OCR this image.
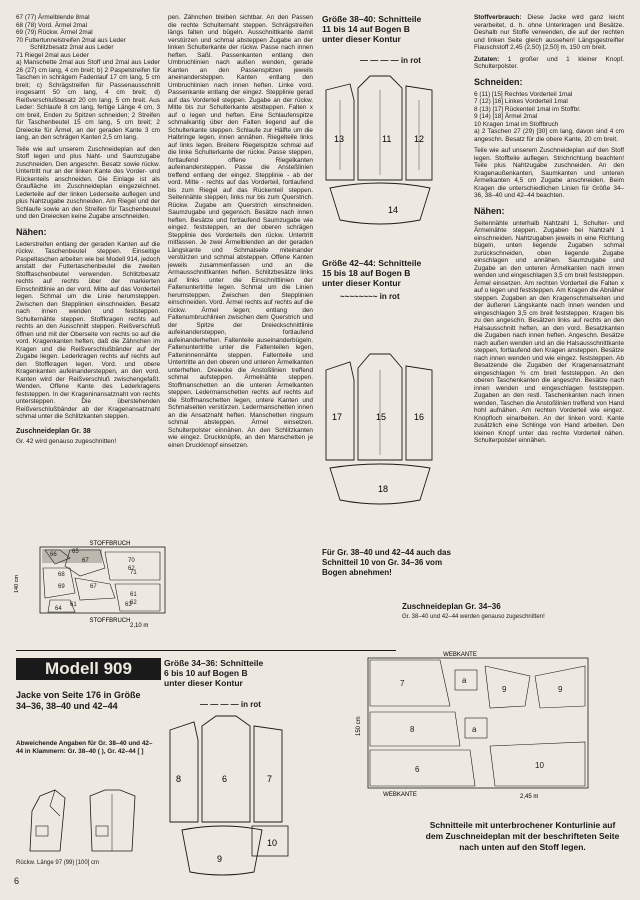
67 (77) Ärmelblende 8mal
68 (78) Vord. Ärmel 2mal
69 (79) Rückw. Ärmel 2mal
70 Futtertunnelstreifen 2mal aus Leder
Schlitzbesatz 2mal aus Leder
71 Riegel 2mal aus Leder

a) Manschette 2mal aus Stoff und 2mal aus Leder 26 (27) cm lang, 4 cm breit; b) 2 Paspelstreifen für Taschen in schrägem Fadenlauf 17 cm lang, 5 cm breit; c) Schrägstreifen für Passenausschnitt insgesamt 50 cm lang, 4 cm breit; d) Reißverschlußbesatz 20 cm lang, 5 cm breit. Aus Leder: Schlaufe 8 cm lang, fertige Länge 4 cm, 3 cm breit, Enden zu Spitzen schneiden; 2 Streifen für Taschenbeutel 15 cm lang, 5 cm breit; 2 Dreiecke für Ärmel, an der geraden Kante 3 cm lang, an den schrägen Kanten 2,5 cm lang.

Teile wie auf unserem Zuschneideplan auf den Stoff legen und plus Naht- und Saumzugabe zuschneiden. Den angeschn. Besatz sowie rückw. Untertritt nur an der linken Kante des Vorder- und Rückenteils anschneiden. Die Einlage ist als Graufläche im Zuschneideplan eingezeichnet. Lederteile auf der linken Lederseite auflegen und plus Nahtzugabe zuschneiden. Am Riegel und der Schlaufe sowie an den Streifen für Taschenbeutel und den Dreiecken keine Zugabe anschneiden.

Nähen:

Lederstreifen entlang der geraden Kanten auf die rückw. Taschenbeutel steppen. Einseitige Paspeltaschen arbeiten wie bei Modell 914, jedoch anstatt der Futtertaschenbeutel die zweiten Stofftaschenbeutel verwenden. Schlitzbesatz rechts auf rechts über der markierten Einschnittlinie an der vord. Mitte auf das Vorderteil legen. Schmal um die Linie herumsteppen. Zwischen den Stepplinien einschneiden. Besatz nach innen wenden und feststeppen. Schulternähte steppen. Stoffkragen rechts auf rechts an den Ausschnitt steppen. Reißverschluß öffnen und mit der Oberseite von rechts so auf die vord. Kragenkanten heften, daß die Zähnchen im Kragen und die Reißverschlußbänder auf der Zugabe liegen. Lederkragen rechts auf rechts auf den Stoffkragen legen. Vord. und obere Kragenkanten aufeinandersteppen, an den vord. Kanten wird der Reißverschluß zwischengefaßt. Wenden. Offene Kante des Lederkragens feststeppen. In der Krageninansatznaht von rechts untersteppen. Die überstehenden Reißverschlußbänder ab der Kragenansatznaht schmal unter die Schlitzkanten steppen.

Zuschneideplan Gr. 38
Gr. 42 wird genauso zugeschnitten!
STOFFBRUCH
66	65
68
70
71
67
67
62
61
69
62
61	63
64
STOFFBRUCH
2,10 m
140 cm

pen. Zähnchen bleiben sichtbar. An den Passen die rechte Schulternaht steppen. Schrägstreifen längs falten und bügeln. Ausschnittkante damit verstürzen und schmal absteppen Zugabe an der linken Schulterkante der rückw. Passe nach innen heften. Saßl. Passenkanten entlang den Umbruchlinien nach außen wenden, gerade Kanten an den Passenspitzen jeweils aneinandersteppen. Kanten entlang den Umbruchlinien nach innen heften. Linke vord. Passenkante entlang der eingez. Stepplinie gerad auf das Vorderteil steppen. Zugabe an der rückw. Mitte bis zur Schulterkante abstteppen. Falten x auf o legen und heften. Eine Schlaufenspitze schmalkantig über den Falten liegend auf die Schulterkante steppen. Schlaufe zur Hälfte um die Halbringe legen, innen annähen. Riegelteile links auf links legen. Breitere Riegelspitze schmal auf die linke Schulterkante der rückw. Passe steppen, fortlaufend offene Riegelkanten aufeinandersteppen. Passe die Ansteßlinien treffend entlang der eingez. Stepplinie - ab der vord. Mitte - rechts auf das Vorderteil, fortlaufend bis zum Riegel auf das Rückenteil steppen. Seitennähte steppen, links nur bis zum Querstrich. Rückw. Zugabe am Querstrich einschneiden. Saumzugabe und gegensch. Besätze nach innen heften. Besätze und fortlaufend Saumzugabe wie eingez. feststeppen, an der oberen schrägen Stepplinie des Vorderteils den rückw. Untertritt mitfassen. Je zwei Ärmelblenden an der geraden Längskante und Schmalseite miteinander verstürzen und schmal absteppen. Offene Kanten jeweils zusammenfassen und an die Armausschnittkanten heften. Schlitzbesätze links auf links unter die Einschnittlinien der Faltenuntertritte legen. Schmal um die Linien herumsteppen. Zwischen den Stepplinien einschneiden. Vord. Ärmel rechts auf rechts auf die rückw. Ärmel legen; entlang den Faltenumbruchlinien zwischen dem Querstrich und der Spitze der Dreieckschnittlinie aufeinandersteppen, fortlaufend aufeinanderheften. Faltenteile auseinanderbügeln. Faltenuntertritte unter die Faltenteilen legen, Falteninnennähte steppen. Faltenteile und Untertritte an den oberen und unteren Ärmelkanten unterheften. Dreiecke die Anstoßlinien treffend schmal aufsteppen. Ärmelnähte steppen. Stoffmanschetten an die unteren Ärmelkanten steppen. Ledermanschetten rechts auf rechts auf die Stoffmanschetten legen, untere Kanten und Schmalseiten verstürzen. Ledermanschetten innen an die Ansatznaht heften. Manschetten ringsum schmal absteppen. Ärmel einsetzen. Schulterpolster einnähen. An den Schlitzkanten wie eingez. Druckknöpfe, an den Manschetten je einen Druckknopf einsetzen.

Größe 38–40: Schnitteile 11 bis 14 auf Bogen B unter dieser Kontur
— — — — in rot
13	11	12
14
Größe 42–44: Schnitteile 15 bis 18 auf Bogen B unter dieser Kontur
~~~~~~~~ in rot
17	15	16
18
Für Gr. 38–40 und 42–44 auch das Schnitteil 10 von Gr. 34–36 vom Bogen abnehmen!

Stoffverbrauch: Diese Jacke wird ganz leicht verarbeitet, d. h. ohne Unterkragen und Besätze. Deshalb nur Stoffe verwenden, die auf der rechten und linken Seite gleich aussehen! Längsgestreifter Flauschstoff 2,45 (2,50) [2,50] m, 150 cm breit.

Zutaten: 1 großer und 1 kleiner Knopf. Schulterpolster.

Schneiden:
6 (11) [15] Rechtes Vorderteil 1mal
7 (12) [16] Linkes Vorderteil 1mal
8 (13) [17] Rückenteil 1mal im Stoffbr.
9 (14) [18] Ärmel 2mal
10 Kragen 1mal im Stoffbruch
a) 2 Taschen 27 (29) [30] cm lang, davon sind 4 cm angeschn. Besatz für die obere Kante, 20 cm breit.

Teile wie auf unserem Zuschneideplan auf den Stoff legen. Stoffteile auflegen. Strichrichtung beachten! Teile plus Nahtzugabe zuschneiden. An den Kragenaußenkanten, Saumkanten und unteren Ärmelkanten 4,5 cm Zugabe anschneiden. Beim Kragen die unterschiedlichen Linien für Größe 34–36, 38–40 und 42–44 beachten.

Nähen:

Seitennähte unterhalb Nahtzahl 1, Schulter- und Ärmelnähte steppen. Zugaben bei Nahtzahl 1 einschneiden. Nahtzugaben jeweils in eine Richtung bügeln, unten liegende Zugaben schmal zurückschneiden, oben liegende Zugabe einschlagen und annähen. Saumzugabe und Zugabe an den unteren Ärmelkanten nach innen wenden und eingeschlagen 3,5 cm breit feststeppen. Ärmel einsetzen. Am rechten Vorderteil die Falten x auf o legen und feststeppen. Am Kragen die Abnäher steppen. Zugaben an den Kragenschmalseiten und der äußeren Längskante nach innen wenden und eingeschlagen 3,5 cm breit feststeppen. Kragen bis zu den angeschn. Besätzen links auf rechts an den Halsausschnitt heften, an den vord. Besatzkanten die Zugaben nach innen heften. Angeschn. Besätze nach außen wenden und an die Halsausschnittkante steppen, fortlaufend den Kragen ansteppen. Besätze nach innen wenden und wie eingez. feststeppen. Ab Besatzende die Zugaben der Kragenansatznaht eingeschlagen ¾ cm breit feststeppen. An den oberen Taschenkanten die angeschn. Besätze nach innen wenden und eingeschlagen feststeppen. Zugaben an den restl. Taschenkanten nach innen wenden, Taschen die Anstoßlinien treffend von Hand hohl aufnähen. Am rechten Vorderteil wie eingez. Knopfloch einarbeiten. An der linken vord. Kante zusätzlich eine Schlinge von Hand arbeiten. Den kleinen Knopf unter das rechte Vorderteil nähen. Schulterpolster einnähen.

Zuschneideplan Gr. 34–36
Gr. 38–40 und 42–44 werden genauso zugeschnitten!
WEBKANTE
7	a
9	9
8	a
6	10
WEBKANTE	2,45 m
150 cm
Modell 909
Jacke von Seite 176 in Größe 34–36, 38–40 und 42–44
Abweichende Angaben für Gr. 38–40 und 42–44 in Klammern: Gr. 38–40 ( ), Gr. 42–44 [ ]
Rückw. Länge 97 (99) [100] cm
6
Größe 34–36: Schnitteile 6 bis 10 auf Bogen B unter dieser Kontur
— — — — in rot
8	6	7
9
10
Schnitteile mit unterbrochener Konturlinie auf dem Zuschneideplan mit der beschrifteten Seite nach unten auf den Stoff legen.
